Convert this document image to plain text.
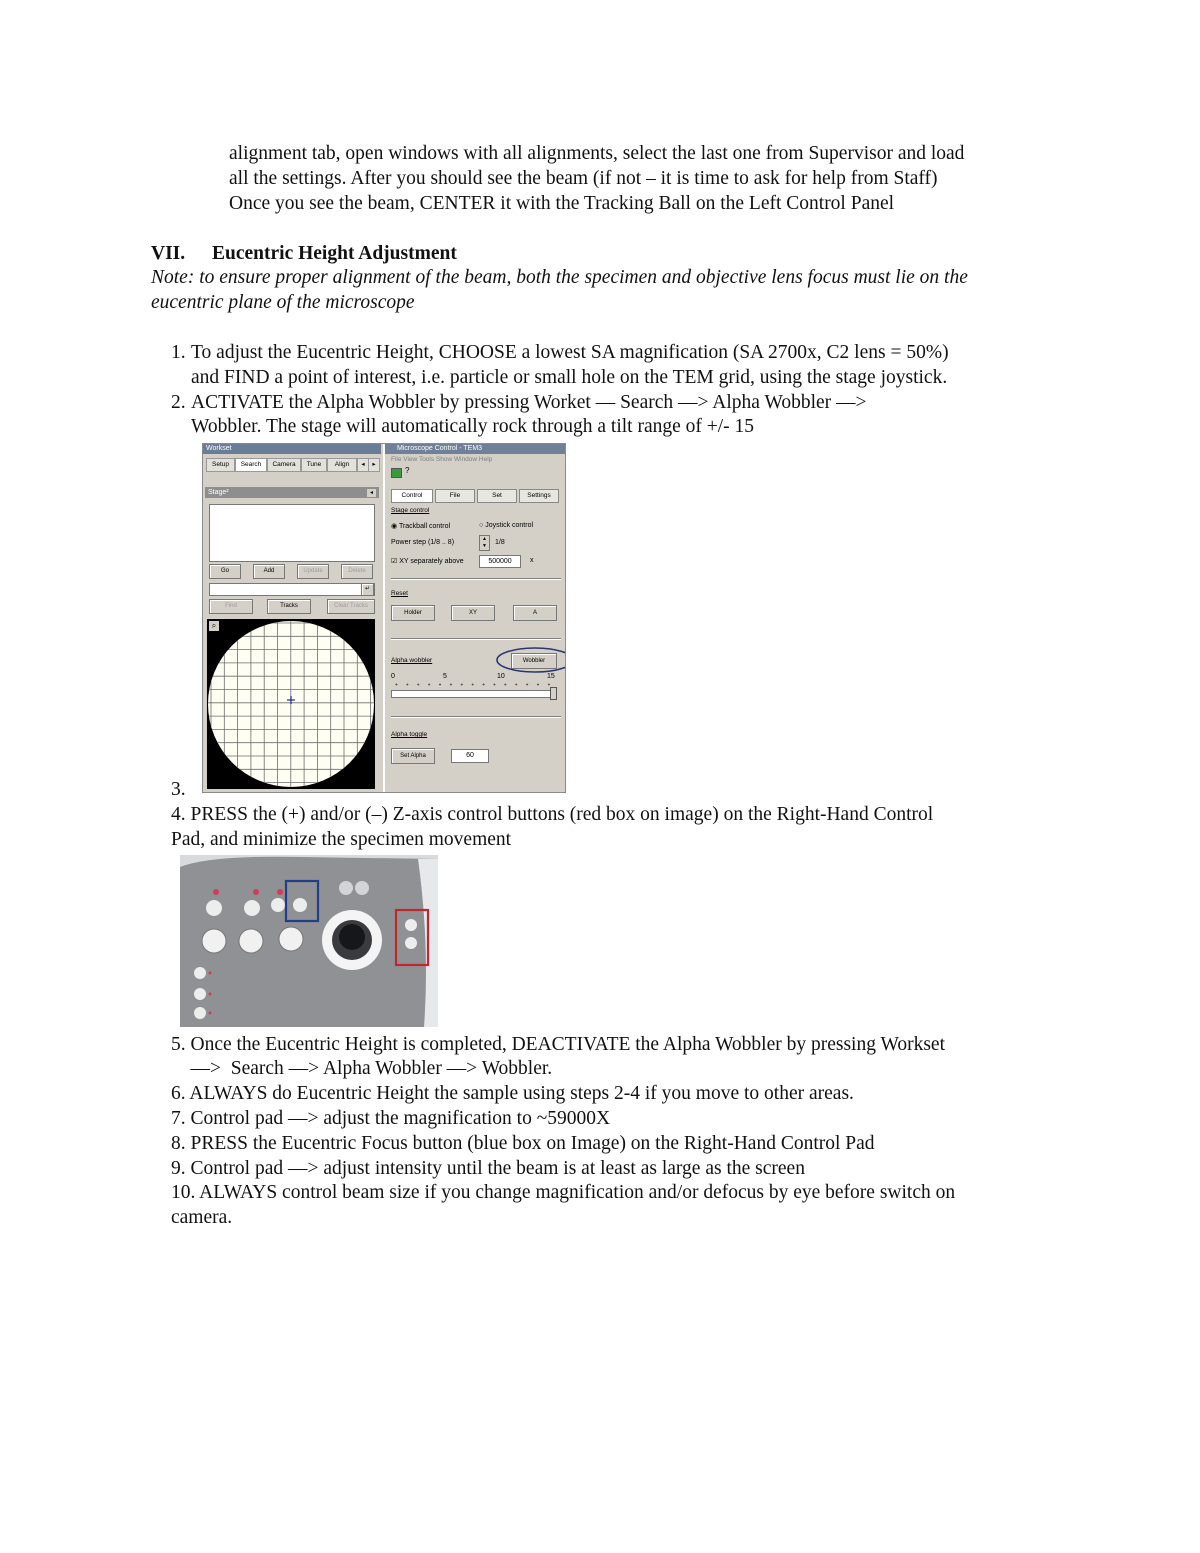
alignment tab, open windows with all alignments, select the last one from Supervisor and load
all the settings. After you should see the beam (if not – it is time to ask for help from Staff)
Once you see the beam, CENTER it with the Tracking Ball on the Left Control Panel
VII. Eucentric Height Adjustment
Note: to ensure proper alignment of the beam, both the specimen and objective lens focus must lie on the
eucentric plane of the microscope
1. To adjust the Eucentric Height, CHOOSE a lowest SA magnification (SA 2700x, C2 lens = 50%)
and FIND a point of interest, i.e. particle or small hole on the TEM grid, using the stage joystick.
2. ACTIVATE the Alpha Wobbler by pressing Worket — Search —> Alpha Wobbler —>
Wobbler. The stage will automatically rock through a tilt range of +/- 15
Workset
Setup	Search	Camera	Tune	Align	◂	▸
Stage²	◂
Go	Add	Update	Delete
↵
Find	Tracks	Clear Tracks
⌕
Microscope Control - TEM3
File View Tools Show Window Help
?
Control	File	Set	Settings
Stage control
◉ Trackball control	○ Joystick control
Power step (1/8 .. 8)	▲
▼	1/8
☑ XY separately above	500000	x
Reset
Holder	XY	A
Alpha wobbler	Wobbler
0	5	10	15
Alpha toggle
Set Alpha	60
3.
4. PRESS the (+) and/or (–) Z-axis control buttons (red box on image) on the Right-Hand Control
Pad, and minimize the specimen movement
5. Once the Eucentric Height is completed, DEACTIVATE the Alpha Wobbler by pressing Workset
—>  Search —> Alpha Wobbler —> Wobbler.
6. ALWAYS do Eucentric Height the sample using steps 2-4 if you move to other areas.
7. Control pad —> adjust the magnification to ~59000X
8. PRESS the Eucentric Focus button (blue box on Image) on the Right-Hand Control Pad
9. Control pad —> adjust intensity until the beam is at least as large as the screen
10. ALWAYS control beam size if you change magnification and/or defocus by eye before switch on
camera.
